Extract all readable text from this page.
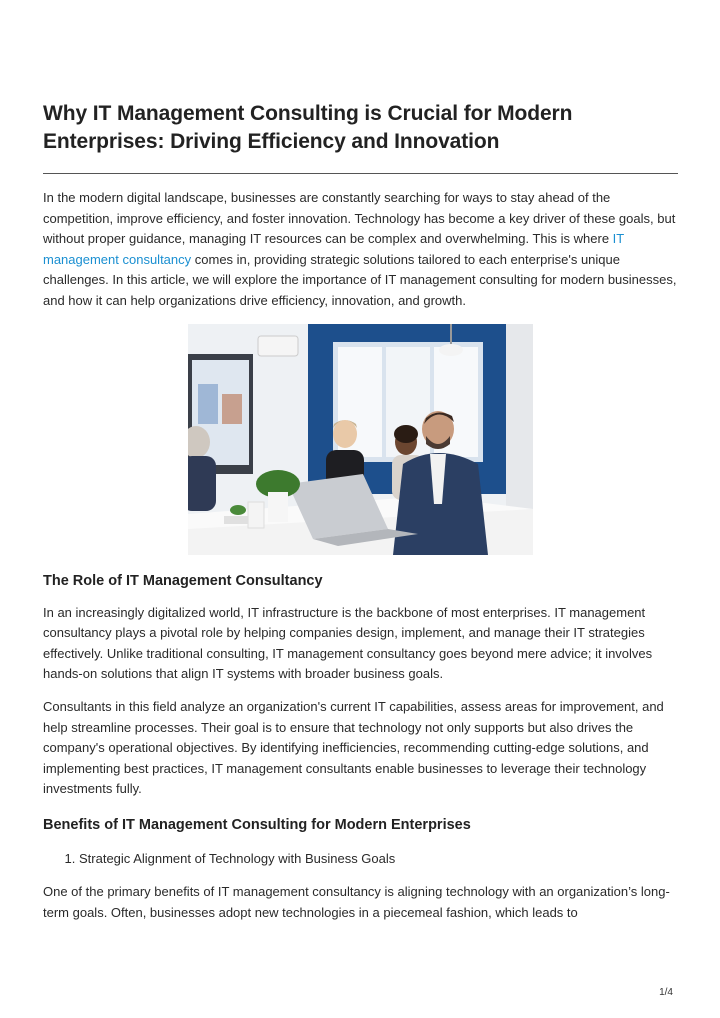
Why IT Management Consulting is Crucial for Modern Enterprises: Driving Efficiency and Innovation

In the modern digital landscape, businesses are constantly searching for ways to stay ahead of the competition, improve efficiency, and foster innovation. Technology has become a key driver of these goals, but without proper guidance, managing IT resources can be complex and overwhelming. This is where IT management consultancy comes in, providing strategic solutions tailored to each enterprise's unique challenges. In this article, we will explore the importance of IT management consulting for modern businesses, and how it can help organizations drive efficiency, innovation, and growth.

The Role of IT Management Consultancy

In an increasingly digitalized world, IT infrastructure is the backbone of most enterprises. IT management consultancy plays a pivotal role by helping companies design, implement, and manage their IT strategies effectively. Unlike traditional consulting, IT management consultancy goes beyond mere advice; it involves hands-on solutions that align IT systems with broader business goals.

Consultants in this field analyze an organization's current IT capabilities, assess areas for improvement, and help streamline processes. Their goal is to ensure that technology not only supports but also drives the company's operational objectives. By identifying inefficiencies, recommending cutting-edge solutions, and implementing best practices, IT management consultants enable businesses to leverage their technology investments fully.

Benefits of IT Management Consulting for Modern Enterprises
1. Strategic Alignment of Technology with Business Goals

One of the primary benefits of IT management consultancy is aligning technology with an organization’s long-term goals. Often, businesses adopt new technologies in a piecemeal fashion, which leads to

1/4
